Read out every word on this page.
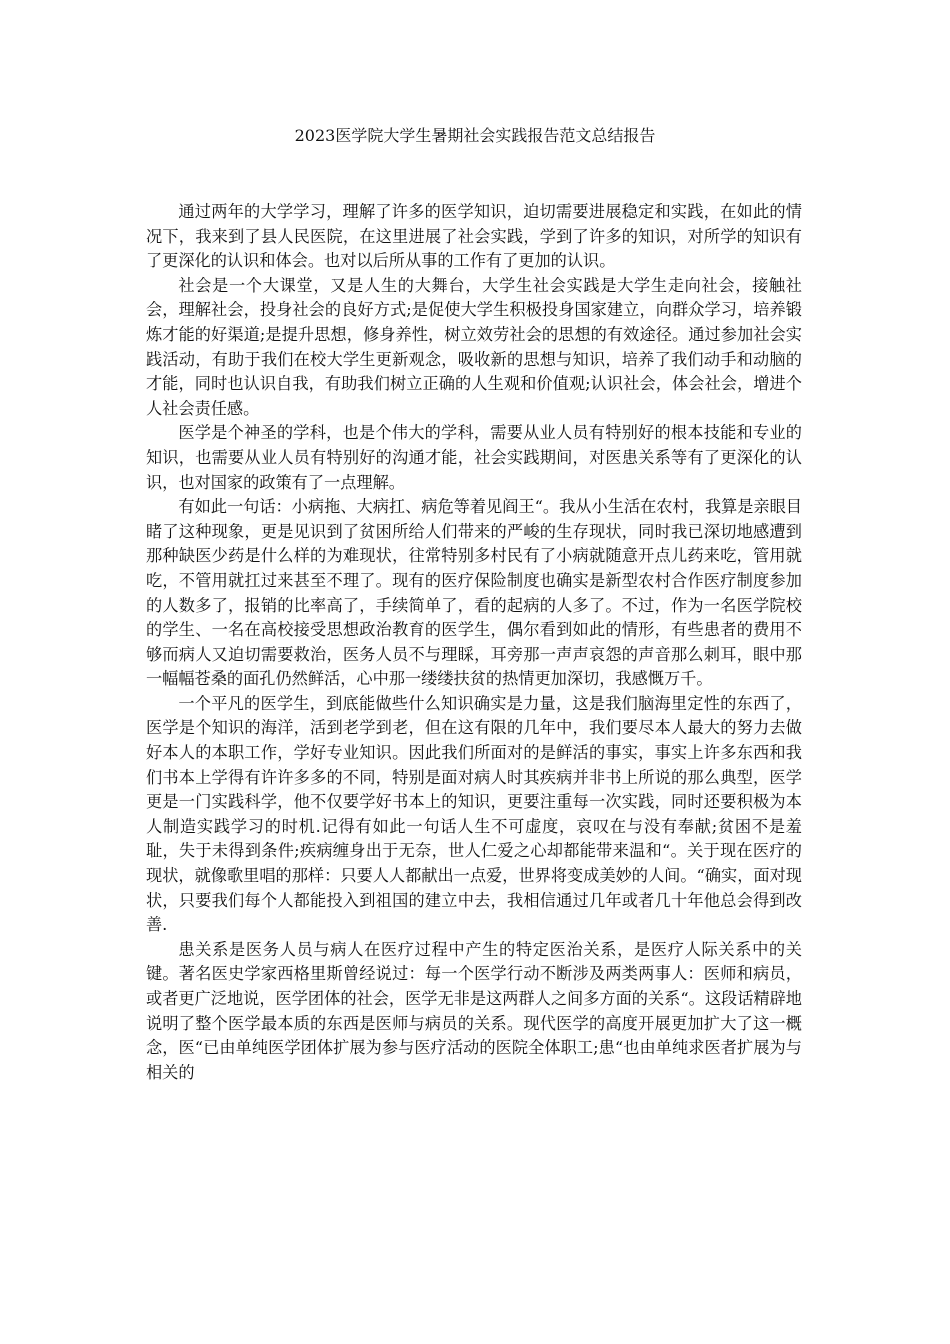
2023医学院大学生暑期社会实践报告范文总结报告

通过两年的大学学习，理解了许多的医学知识，迫切需要进展稳定和实践，在如此的情况下，我来到了县人民医院，在这里进展了社会实践，学到了许多的知识，对所学的知识有了更深化的认识和体会。也对以后所从事的工作有了更加的认识。

社会是一个大课堂，又是人生的大舞台，大学生社会实践是大学生走向社会，接触社会，理解社会，投身社会的良好方式;是促使大学生积极投身国家建立，向群众学习，培养锻炼才能的好渠道;是提升思想，修身养性，树立效劳社会的思想的有效途径。通过参加社会实践活动，有助于我们在校大学生更新观念，吸收新的思想与知识，培养了我们动手和动脑的才能，同时也认识自我，有助我们树立正确的人生观和价值观;认识社会，体会社会，增进个人社会责任感。

医学是个神圣的学科，也是个伟大的学科，需要从业人员有特别好的根本技能和专业的知识，也需要从业人员有特别好的沟通才能，社会实践期间，对医患关系等有了更深化的认识，也对国家的政策有了一点理解。

有如此一句话：小病拖、大病扛、病危等着见阎王“。我从小生活在农村，我算是亲眼目睹了这种现象，更是见识到了贫困所给人们带来的严峻的生存现状，同时我已深切地感遭到那种缺医少药是什么样的为难现状，往常特别多村民有了小病就随意开点儿药来吃，管用就吃，不管用就扛过来甚至不理了。现有的医疗保险制度也确实是新型农村合作医疗制度参加的人数多了，报销的比率高了，手续简单了，看的起病的人多了。不过，作为一名医学院校的学生、一名在高校接受思想政治教育的医学生，偶尔看到如此的情形，有些患者的费用不够而病人又迫切需要救治，医务人员不与理睬，耳旁那一声声哀怨的声音那么刺耳，眼中那一幅幅苍桑的面孔仍然鲜活，心中那一缕缕扶贫的热情更加深切，我感慨万千。

一个平凡的医学生，到底能做些什么知识确实是力量，这是我们脑海里定性的东西了，医学是个知识的海洋，活到老学到老，但在这有限的几年中，我们要尽本人最大的努力去做好本人的本职工作，学好专业知识。因此我们所面对的是鲜活的事实，事实上许多东西和我们书本上学得有许许多多的不同，特别是面对病人时其疾病并非书上所说的那么典型，医学更是一门实践科学，他不仅要学好书本上的知识，更要注重每一次实践，同时还要积极为本人制造实践学习的时机.记得有如此一句话人生不可虚度，哀叹在与没有奉献;贫困不是羞耻，失于未得到条件;疾病缠身出于无奈，世人仁爱之心却都能带来温和“。关于现在医疗的现状，就像歌里唱的那样：只要人人都献出一点爱，世界将变成美妙的人间。“确实，面对现状，只要我们每个人都能投入到祖国的建立中去，我相信通过几年或者几十年他总会得到改善.

患关系是医务人员与病人在医疗过程中产生的特定医治关系，是医疗人际关系中的关键。著名医史学家西格里斯曾经说过：每一个医学行动不断涉及两类两事人：医师和病员，或者更广泛地说，医学团体的社会，医学无非是这两群人之间多方面的关系“。这段话精辟地说明了整个医学最本质的东西是医师与病员的关系。现代医学的高度开展更加扩大了这一概念，医“已由单纯医学团体扩展为参与医疗活动的医院全体职工;患“也由单纯求医者扩展为与相关的
